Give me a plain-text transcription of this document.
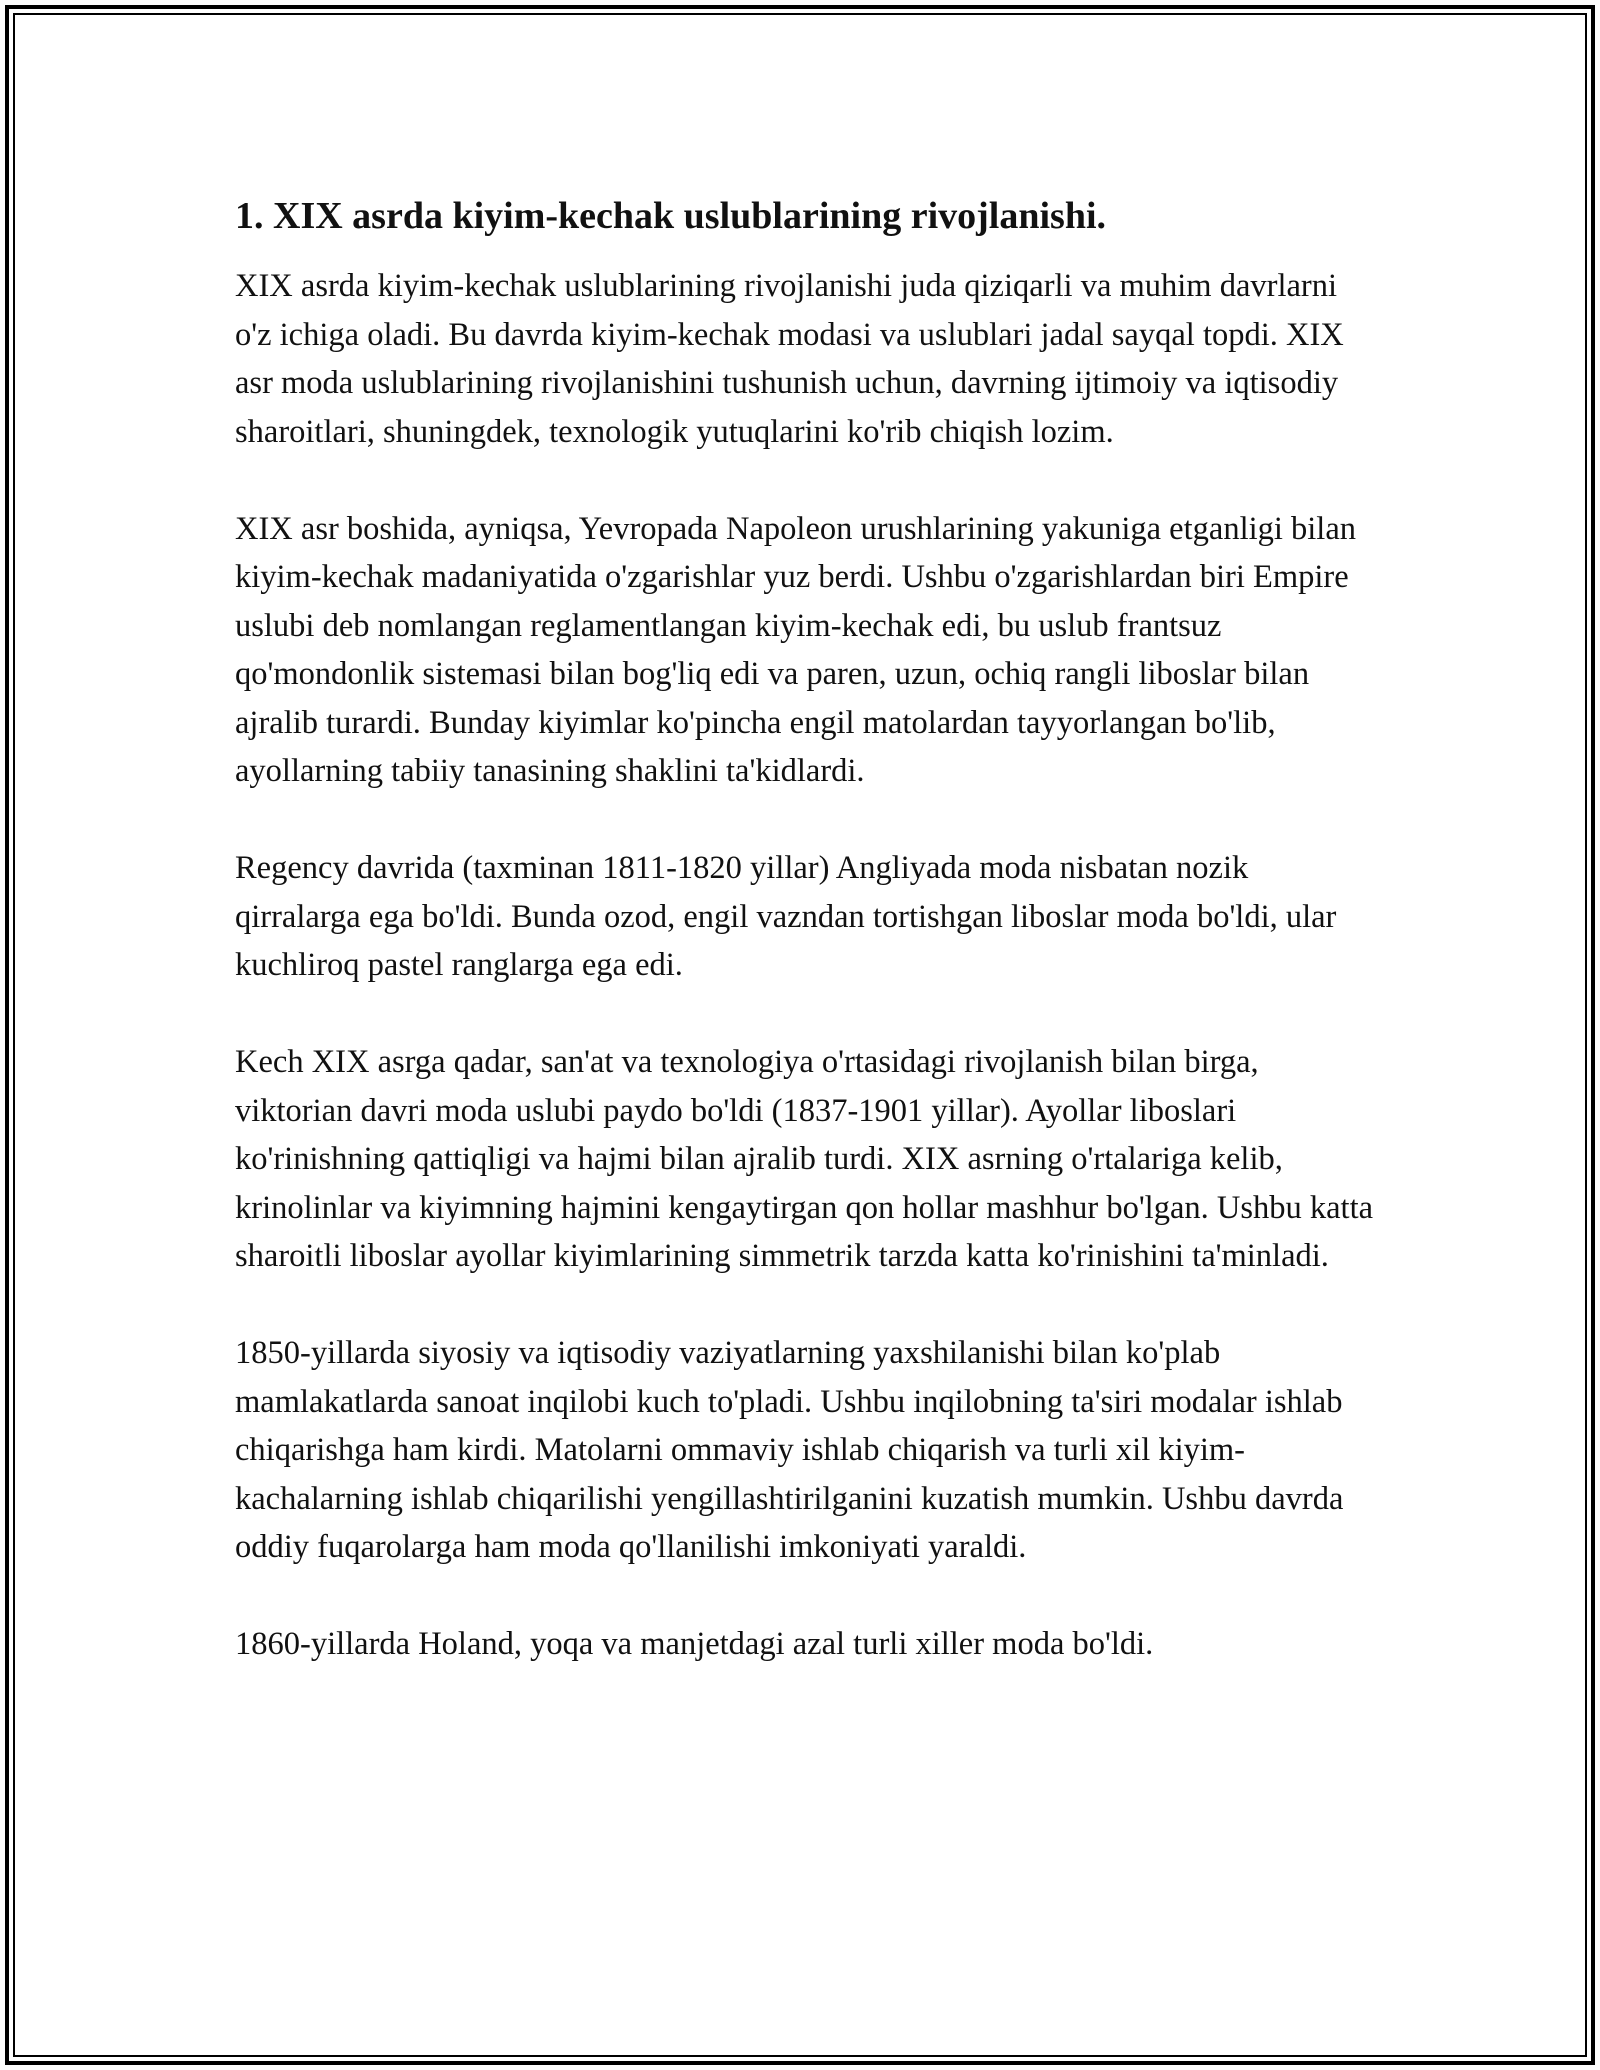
1. XIX asrda kiyim-kechak uslublarining rivojlanishi.

XIX asrda kiyim-kechak uslublarining rivojlanishi juda qiziqarli va muhim davrlarni o'z ichiga oladi. Bu davrda kiyim-kechak modasi va uslublari jadal sayqal topdi. XIX asr moda uslublarining rivojlanishini tushunish uchun, davrning ijtimoiy va iqtisodiy sharoitlari, shuningdek, texnologik yutuqlarini ko'rib chiqish lozim.

XIX asr boshida, ayniqsa, Yevropada Napoleon urushlarining yakuniga etganligi bilan kiyim-kechak madaniyatida o'zgarishlar yuz berdi. Ushbu o'zgarishlardan biri Empire uslubi deb nomlangan reglamentlangan kiyim-kechak edi, bu uslub frantsuz qo'mondonlik sistemasi bilan bog'liq edi va paren, uzun, ochiq rangli liboslar bilan ajralib turardi. Bunday kiyimlar ko'pincha engil matolardan tayyorlangan bo'lib, ayollarning tabiiy tanasining shaklini ta'kidlardi.

Regency davrida (taxminan 1811-1820 yillar) Angliyada moda nisbatan nozik qirralarga ega bo'ldi. Bunda ozod, engil vazndan tortishgan liboslar moda bo'ldi, ular kuchliroq pastel ranglarga ega edi.

Kech XIX asrga qadar, san'at va texnologiya o'rtasidagi rivojlanish bilan birga, viktorian davri moda uslubi paydo bo'ldi (1837-1901 yillar). Ayollar liboslari ko'rinishning qattiqligi va hajmi bilan ajralib turdi. XIX asrning o'rtalariga kelib, krinolinlar va kiyimning hajmini kengaytirgan qon hollar mashhur bo'lgan. Ushbu katta sharoitli liboslar ayollar kiyimlarining simmetrik tarzda katta ko'rinishini ta'minladi.

1850-yillarda siyosiy va iqtisodiy vaziyatlarning yaxshilanishi bilan ko'plab mamlakatlarda sanoat inqilobi kuch to'pladi. Ushbu inqilobning ta'siri modalar ishlab chiqarishga ham kirdi. Matolarni ommaviy ishlab chiqarish va turli xil kiyim-kachalarning ishlab chiqarilishi yengillashtirilganini kuzatish mumkin. Ushbu davrda oddiy fuqarolarga ham moda qo'llanilishi imkoniyati yaraldi.

1860-yillarda Holand, yoqa va manjetdagi azal turli xiller moda bo'ldi.
